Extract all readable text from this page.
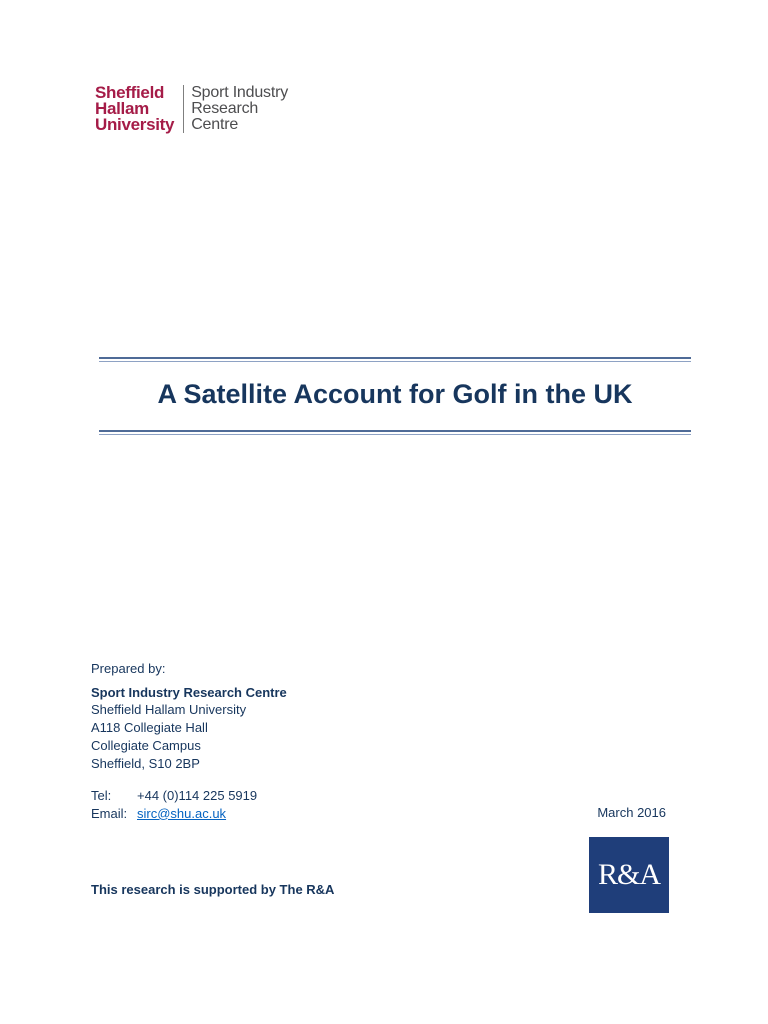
Sheffield
Hallam
University
Sport Industry
Research
Centre
A Satellite Account for Golf in the UK
Prepared by:
Sport Industry Research Centre
Sheffield Hallam University
A118 Collegiate Hall
Collegiate Campus
Sheffield, S10 2BP
Tel:	+44 (0)114 225 5919
Email: sirc@shu.ac.uk	March 2016
This research is supported by The R&A	R&A
